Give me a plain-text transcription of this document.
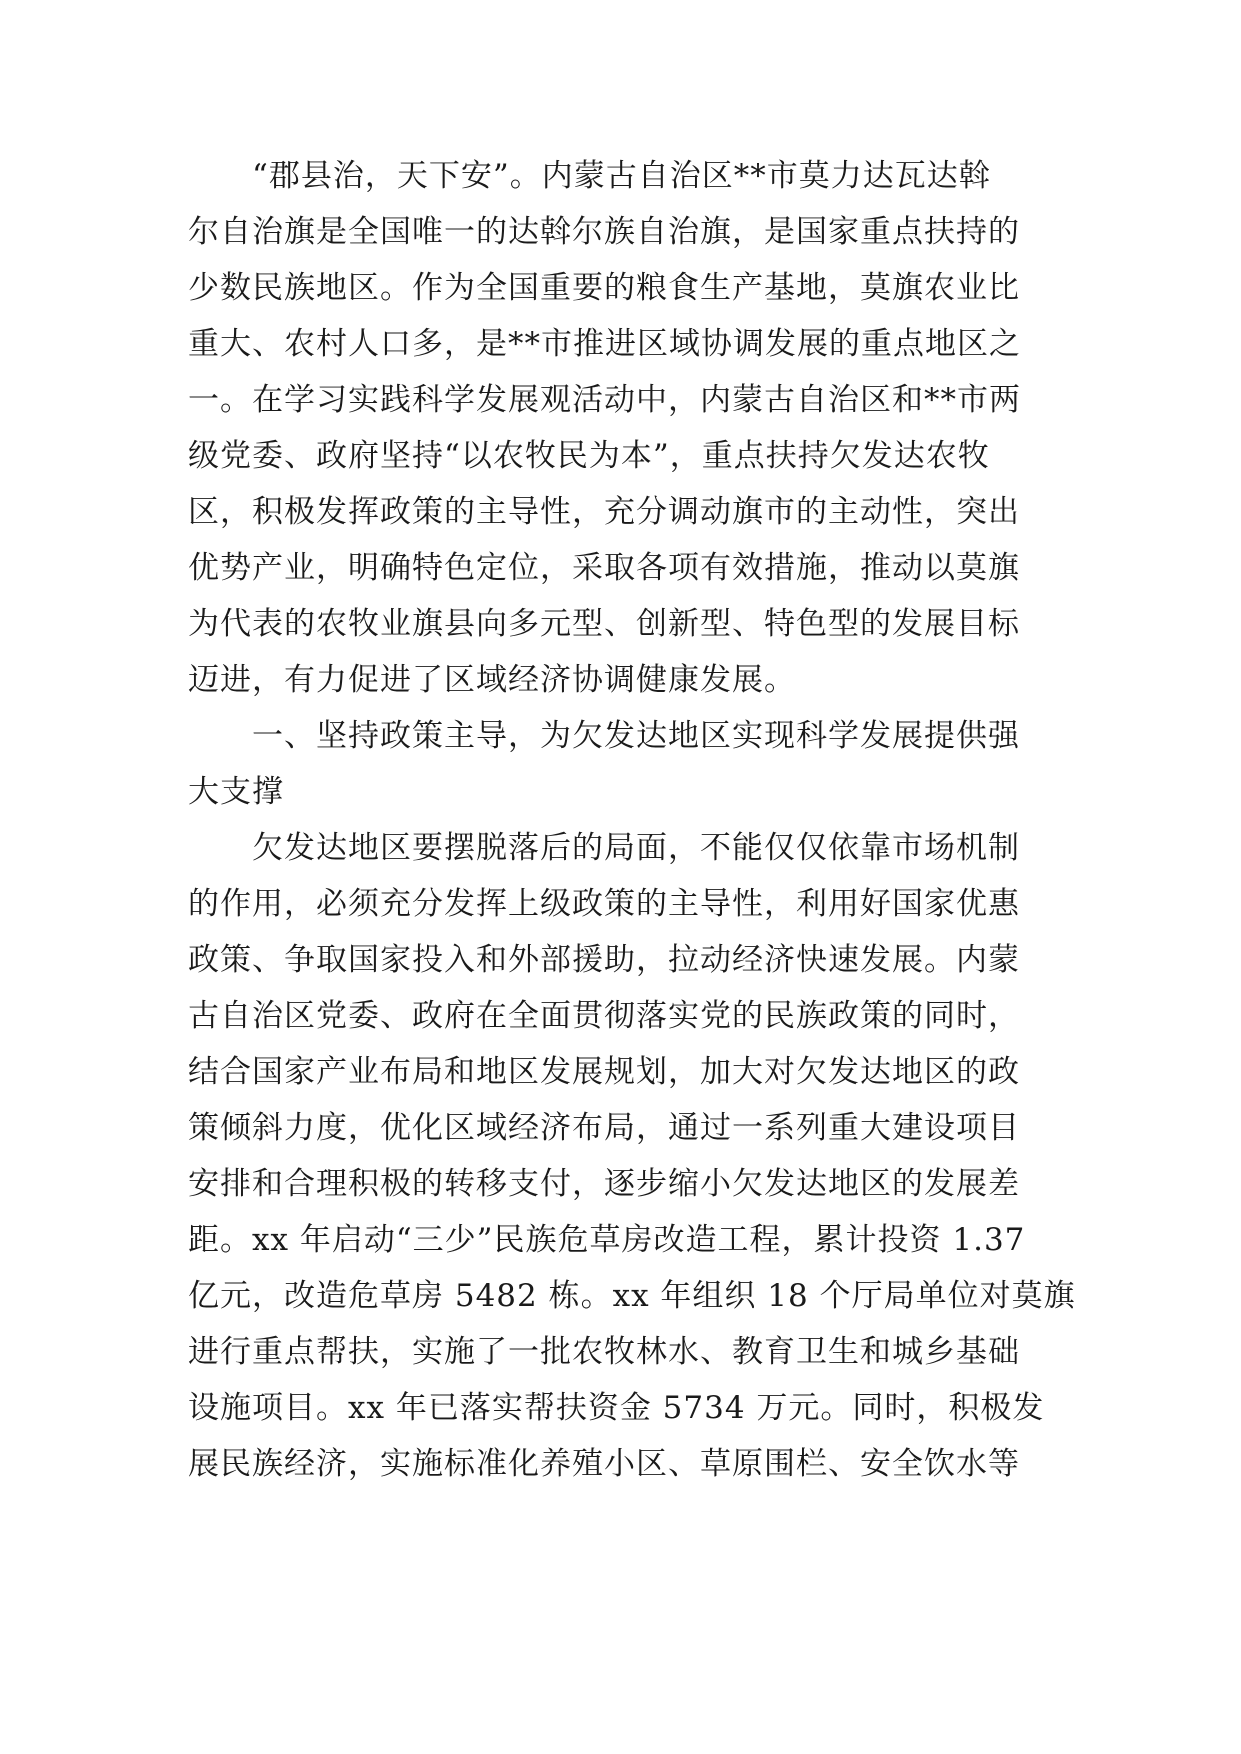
“郡县治，天下安”。内蒙古自治区**市莫力达瓦达斡
尔自治旗是全国唯一的达斡尔族自治旗，是国家重点扶持的
少数民族地区。作为全国重要的粮食生产基地，莫旗农业比
重大、农村人口多，是**市推进区域协调发展的重点地区之
一。在学习实践科学发展观活动中，内蒙古自治区和**市两
级党委、政府坚持“以农牧民为本”，重点扶持欠发达农牧
区，积极发挥政策的主导性，充分调动旗市的主动性，突出
优势产业，明确特色定位，采取各项有效措施，推动以莫旗
为代表的农牧业旗县向多元型、创新型、特色型的发展目标
迈进，有力促进了区域经济协调健康发展。
一、坚持政策主导，为欠发达地区实现科学发展提供强
大支撑
欠发达地区要摆脱落后的局面，不能仅仅依靠市场机制
的作用，必须充分发挥上级政策的主导性，利用好国家优惠
政策、争取国家投入和外部援助，拉动经济快速发展。内蒙
古自治区党委、政府在全面贯彻落实党的民族政策的同时，
结合国家产业布局和地区发展规划，加大对欠发达地区的政
策倾斜力度，优化区域经济布局，通过一系列重大建设项目
安排和合理积极的转移支付，逐步缩小欠发达地区的发展差
距。xx 年启动“三少”民族危草房改造工程，累计投资 1.37
亿元，改造危草房 5482 栋。xx 年组织 18 个厅局单位对莫旗
进行重点帮扶，实施了一批农牧林水、教育卫生和城乡基础
设施项目。xx 年已落实帮扶资金 5734 万元。同时，积极发
展民族经济，实施标准化养殖小区、草原围栏、安全饮水等
